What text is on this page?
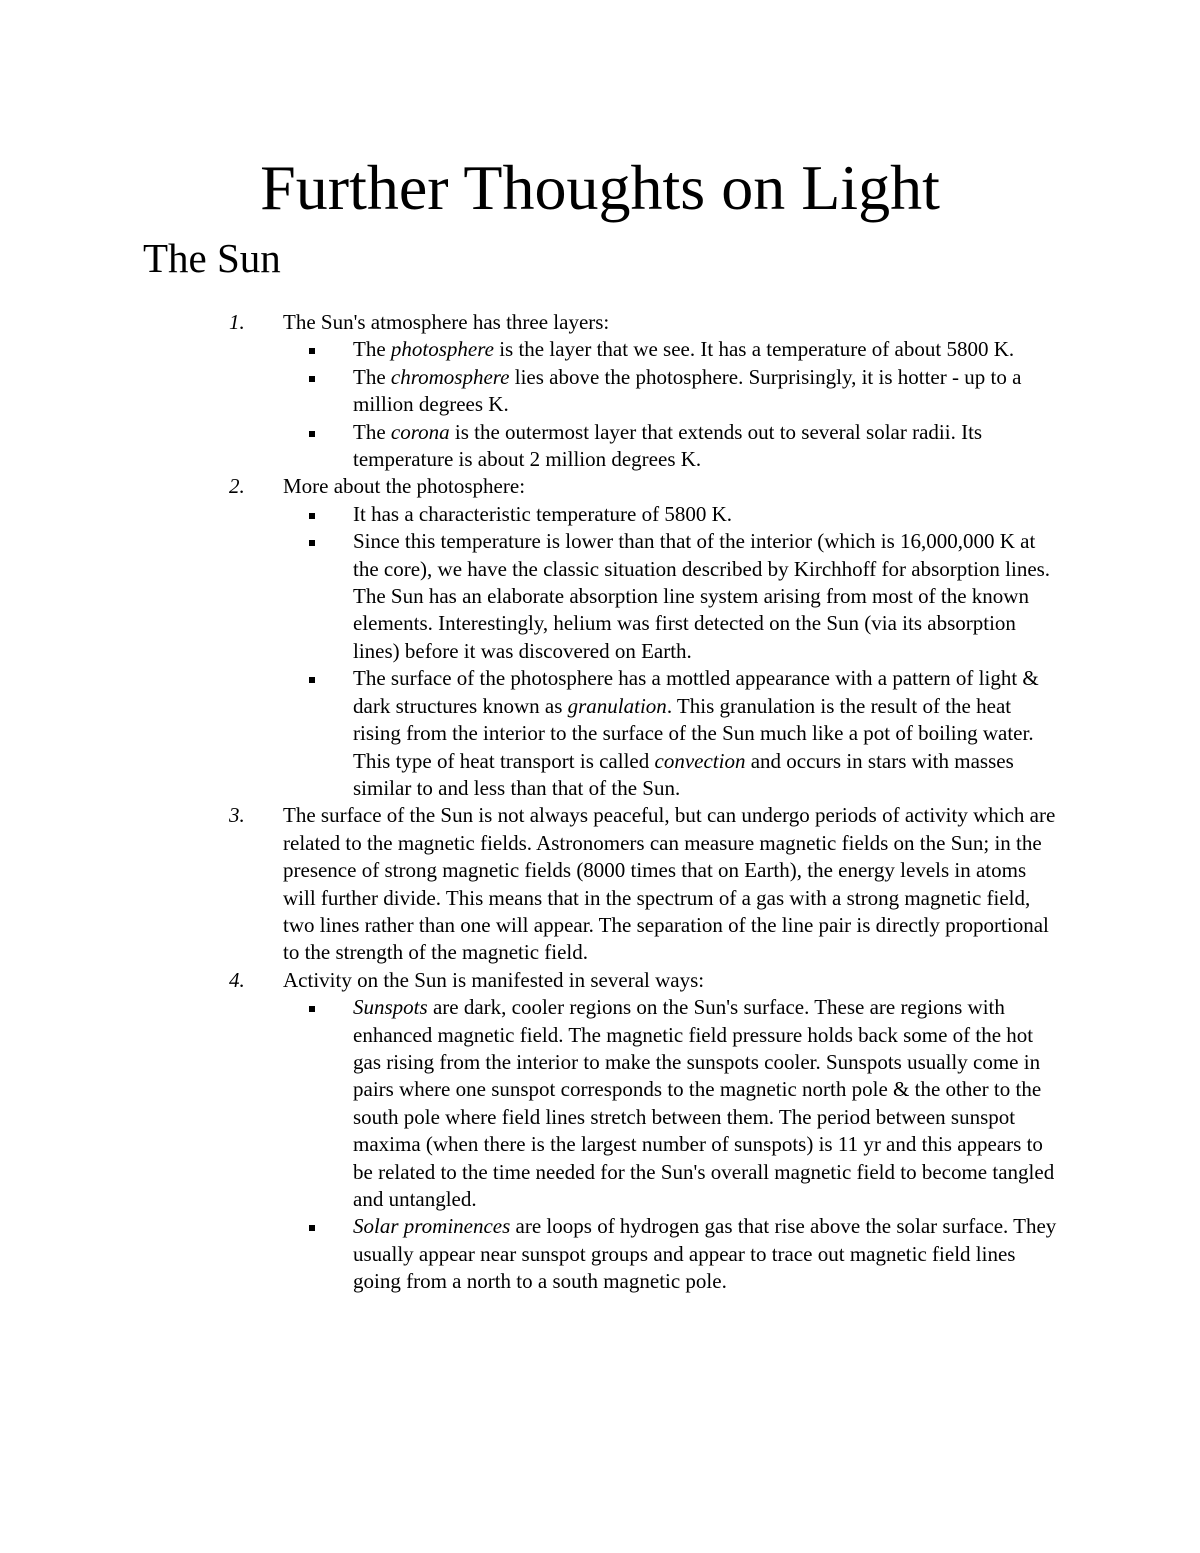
Further Thoughts on Light
The Sun
1. The Sun's atmosphere has three layers:

The photosphere is the layer that we see. It has a temperature of about 5800 K.

The chromosphere lies above the photosphere. Surprisingly, it is hotter - up to a million degrees K.

The corona is the outermost layer that extends out to several solar radii. Its temperature is about 2 million degrees K.

2. More about the photosphere:

It has a characteristic temperature of 5800 K.

Since this temperature is lower than that of the interior (which is 16,000,000 K at the core), we have the classic situation described by Kirchhoff for absorption lines. The Sun has an elaborate absorption line system arising from most of the known elements. Interestingly, helium was first detected on the Sun (via its absorption lines) before it was discovered on Earth.

The surface of the photosphere has a mottled appearance with a pattern of light & dark structures known as granulation. This granulation is the result of the heat rising from the interior to the surface of the Sun much like a pot of boiling water. This type of heat transport is called convection and occurs in stars with masses similar to and less than that of the Sun.

3. The surface of the Sun is not always peaceful, but can undergo periods of activity which are related to the magnetic fields. Astronomers can measure magnetic fields on the Sun; in the presence of strong magnetic fields (8000 times that on Earth), the energy levels in atoms will further divide. This means that in the spectrum of a gas with a strong magnetic field, two lines rather than one will appear. The separation of the line pair is directly proportional to the strength of the magnetic field.

4. Activity on the Sun is manifested in several ways:

Sunspots are dark, cooler regions on the Sun's surface. These are regions with enhanced magnetic field. The magnetic field pressure holds back some of the hot gas rising from the interior to make the sunspots cooler. Sunspots usually come in pairs where one sunspot corresponds to the magnetic north pole & the other to the south pole where field lines stretch between them. The period between sunspot maxima (when there is the largest number of sunspots) is 11 yr and this appears to be related to the time needed for the Sun's overall magnetic field to become tangled and untangled.

Solar prominences are loops of hydrogen gas that rise above the solar surface. They usually appear near sunspot groups and appear to trace out magnetic field lines going from a north to a south magnetic pole.
